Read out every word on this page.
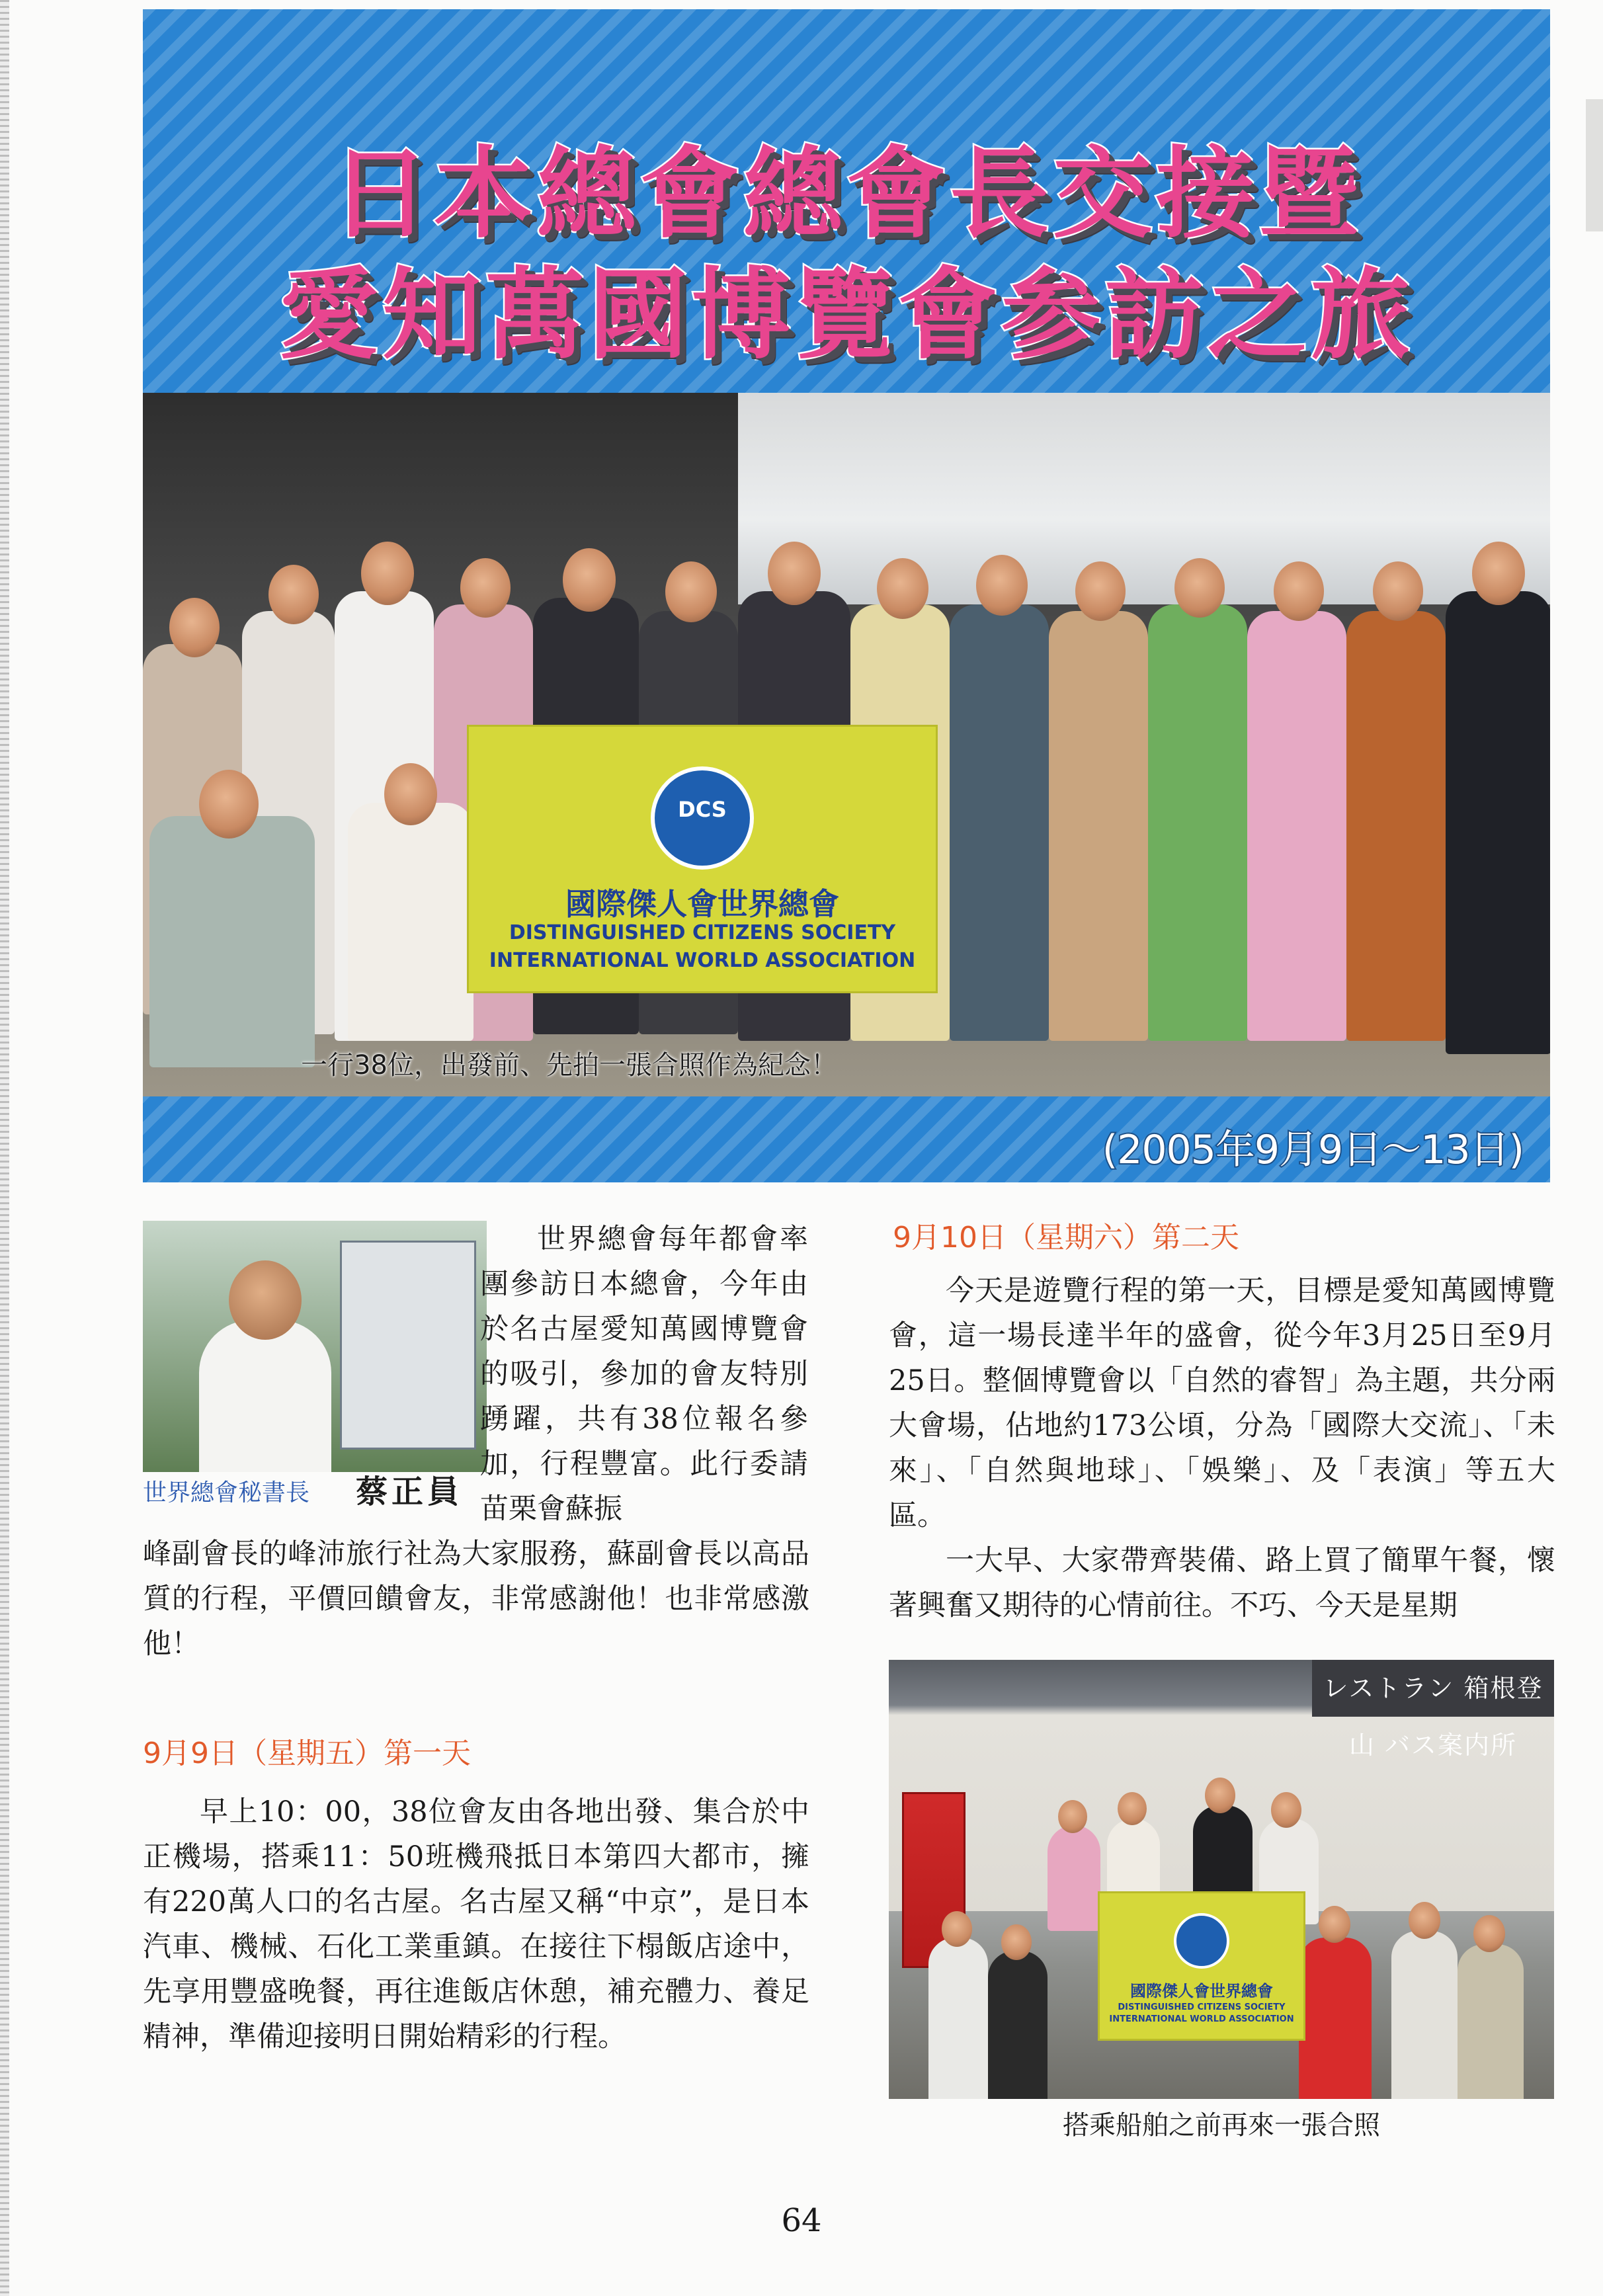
日本總會總會長交接暨
愛知萬國博覽會参訪之旅
(2005年9月9日～13日)
DCS
國際傑人會世界總會
DISTINGUISHED CITIZENS SOCIETY
INTERNATIONAL WORLD ASSOCIATION
一行38位，出發前、先拍一張合照作為紀念！
世界總會秘書長 蔡正員

世界總會每年都會率團參訪日本總會，今年由於名古屋愛知萬國博覽會的吸引，參加的會友特別踴躍，共有38位報名參加，行程豐富。此行委請苗栗會蘇振

峰副會長的峰沛旅行社為大家服務，蘇副會長以高品質的行程，平價回饋會友，非常感謝他！也非常感激他！

9月9日（星期五）第一天

早上10：00，38位會友由各地出發、集合於中正機場，搭乘11：50班機飛抵日本第四大都市，擁有220萬人口的名古屋。名古屋又稱“中京”，是日本汽車、機械、石化工業重鎮。在接往下榻飯店途中，先享用豐盛晚餐，再往進飯店休憩，補充體力、養足精神，準備迎接明日開始精彩的行程。

9月10日（星期六）第二天

今天是遊覽行程的第一天，目標是愛知萬國博覽會，這一場長達半年的盛會，從今年3月25日至9月25日。整個博覽會以「自然的睿智」為主題，共分兩大會場，佔地約173公頃，分為「國際大交流」、「未來」、「自然與地球」、「娛樂」、及「表演」等五大區。

一大早、大家帶齊裝備、路上買了簡單午餐，懷著興奮又期待的心情前往。不巧、今天是星期

レストラン 箱根登山 バス案内所
國際傑人會世界總會
DISTINGUISHED CITIZENS SOCIETY INTERNATIONAL WORLD ASSOCIATION
搭乘船舶之前再來一張合照
64
